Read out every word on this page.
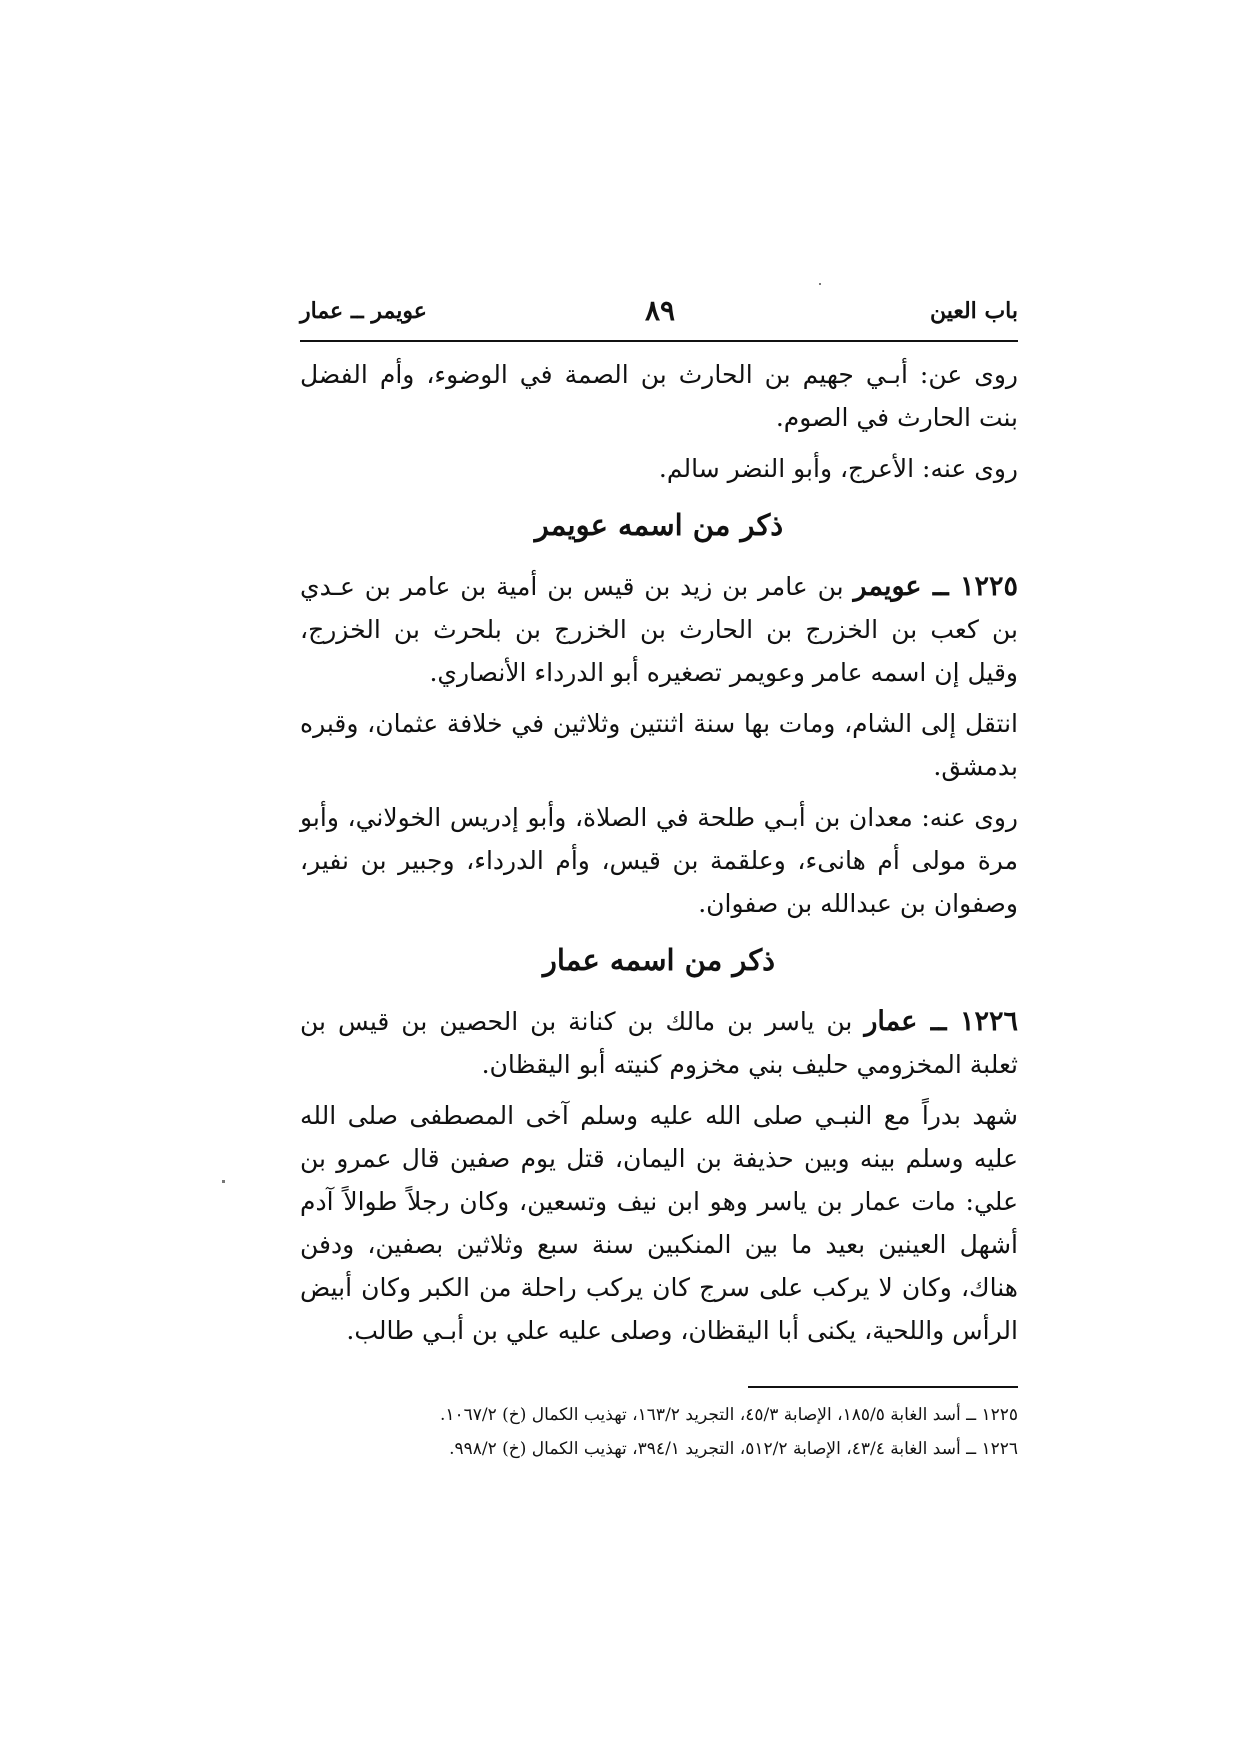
باب العين
٨٩
عويمر ــ عمار

روى عن: أبـي جهيم بن الحارث بن الصمة في الوضوء، وأم الفضل بنت الحارث في الصوم.

روى عنه: الأعرج، وأبو النضر سالم.

ذكر من اسمه عويمر

١٢٢٥ ــ عويمر بن عامر بن زيد بن قيس بن أمية بن عامر بن عـدي بن كعب بن الخزرج بن الحارث بن الخزرج بن بلحرث بن الخزرج، وقيل إن اسمه عامر وعويمر تصغيره أبو الدرداء الأنصاري.

انتقل إلى الشام، ومات بها سنة اثنتين وثلاثين في خلافة عثمان، وقبره بدمشق.

روى عنه: معدان بن أبـي طلحة في الصلاة، وأبو إدريس الخولاني، وأبو مرة مولى أم هانىء، وعلقمة بن قيس، وأم الدرداء، وجبير بن نفير، وصفوان بن عبدالله بن صفوان.

ذكر من اسمه عمار

١٢٢٦ ــ عمار بن ياسر بن مالك بن كنانة بن الحصين بن قيس بن ثعلبة المخزومي حليف بني مخزوم كنيته أبو اليقظان.

شهد بدراً مع النبـي صلى الله عليه وسلم آخى المصطفى صلى الله عليه وسلم بينه وبين حذيفة بن اليمان، قتل يوم صفين قال عمرو بن علي: مات عمار بن ياسر وهو ابن نيف وتسعين، وكان رجلاً طوالاً آدم أشهل العينين بعيد ما بين المنكبين سنة سبع وثلاثين بصفين، ودفن هناك، وكان لا يركب على سرج كان يركب راحلة من الكبر وكان أبيض الرأس واللحية، يكنى أبا اليقظان، وصلى عليه علي بن أبـي طالب.

١٢٢٥ ــ أسد الغابة ١٨٥/٥، الإصابة ٤٥/٣، التجريد ١٦٣/٢، تهذيب الكمال (خ) ١٠٦٧/٢.

١٢٢٦ ــ أسد الغابة ٤٣/٤، الإصابة ٥١٢/٢، التجريد ٣٩٤/١، تهذيب الكمال (خ) ٩٩٨/٢.
